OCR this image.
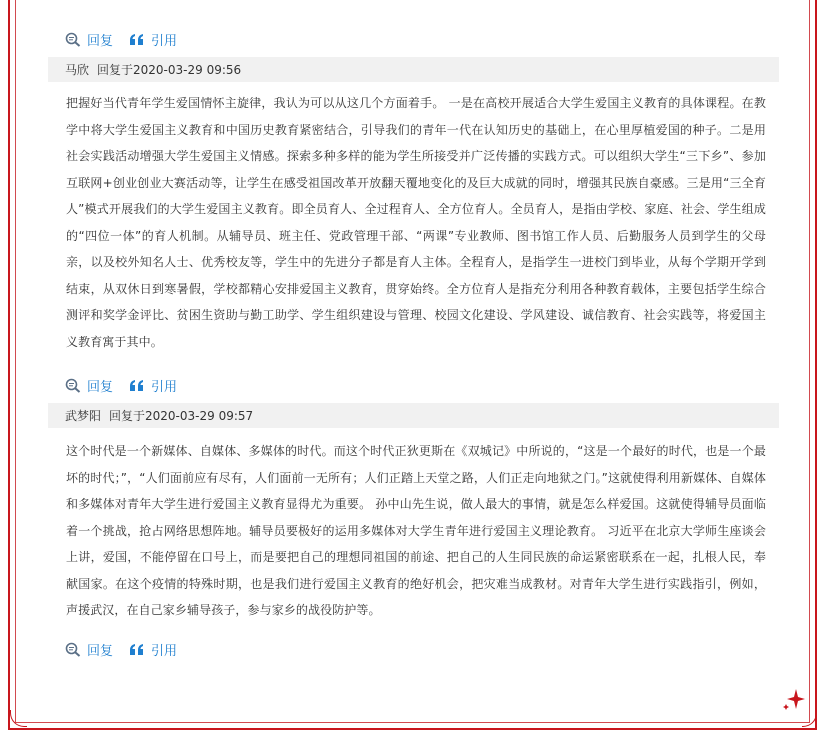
回复	引用
马欣 回复于2020-03-29 09:56
把握好当代青年学生爱国情怀主旋律，我认为可以从这几个方面着手。 一是在高校开展适合大学生爱国主义教育的具体课程。在教学中将大学生爱国主义教育和中国历史教育紧密结合，引导我们的青年一代在认知历史的基础上，在心里厚植爱国的种子。二是用社会实践活动增强大学生爱国主义情感。探索多种多样的能为学生所接受并广泛传播的实践方式。可以组织大学生“三下乡”、参加互联网+创业创业大赛活动等，让学生在感受祖国改革开放翻天覆地变化的及巨大成就的同时，增强其民族自豪感。三是用“三全育人”模式开展我们的大学生爱国主义教育。即全员育人、全过程育人、全方位育人。全员育人，是指由学校、家庭、社会、学生组成的“四位一体”的育人机制。从辅导员、班主任、党政管理干部、“两课”专业教师、图书馆工作人员、后勤服务人员到学生的父母亲，以及校外知名人士、优秀校友等，学生中的先进分子都是育人主体。全程育人，是指学生一进校门到毕业，从每个学期开学到结束，从双休日到寒暑假，学校都精心安排爱国主义教育，贯穿始终。全方位育人是指充分利用各种教育载体，主要包括学生综合测评和奖学金评比、贫困生资助与勤工助学、学生组织建设与管理、校园文化建设、学风建设、诚信教育、社会实践等，将爱国主义教育寓于其中。
回复	引用
武梦阳 回复于2020-03-29 09:57
这个时代是一个新媒体、自媒体、多媒体的时代。而这个时代正狄更斯在《双城记》中所说的，“这是一个最好的时代，也是一个最坏的时代；”，“人们面前应有尽有，人们面前一无所有；人们正踏上天堂之路，人们正走向地狱之门。”这就使得利用新媒体、自媒体和多媒体对青年大学生进行爱国主义教育显得尤为重要。 孙中山先生说，做人最大的事情，就是怎么样爱国。这就使得辅导员面临着一个挑战，抢占网络思想阵地。辅导员要极好的运用多媒体对大学生青年进行爱国主义理论教育。 习近平在北京大学师生座谈会上讲，爱国，不能停留在口号上，而是要把自己的理想同祖国的前途、把自己的人生同民族的命运紧密联系在一起，扎根人民，奉献国家。在这个疫情的特殊时期，也是我们进行爱国主义教育的绝好机会，把灾难当成教材。对青年大学生进行实践指引，例如，声援武汉，在自己家乡辅导孩子，参与家乡的战役防护等。
回复	引用
